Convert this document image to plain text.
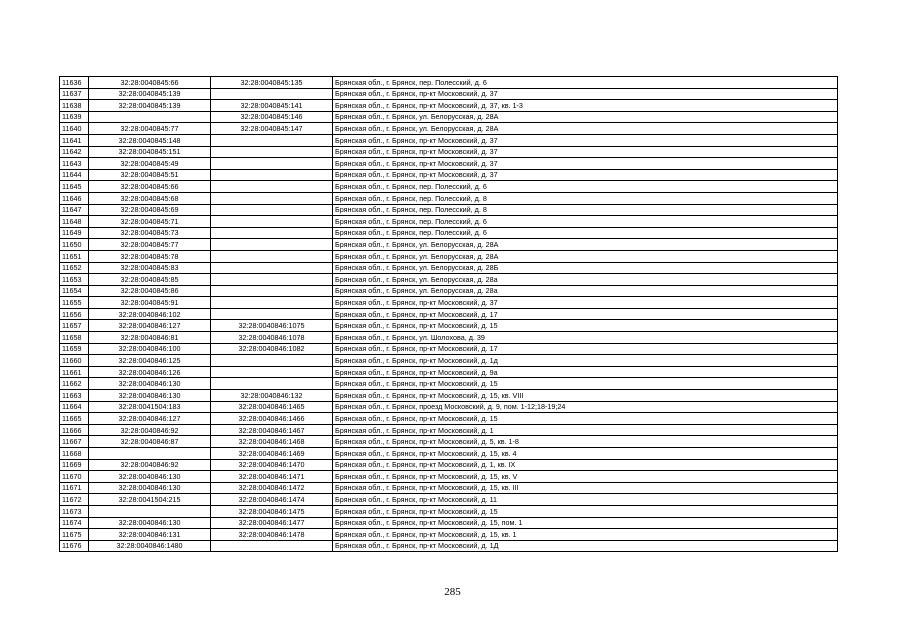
11636	32:28:0040845:66	32:28:0040845:135	Брянская обл., г. Брянск, пер. Полесский, д. 6
11637	32:28:0040845:139		Брянская обл., г. Брянск, пр-кт Московский, д. 37
11638	32:28:0040845:139	32:28:0040845:141	Брянская обл., г. Брянск, пр-кт Московский, д. 37, кв. 1-3
11639		32:28:0040845:146	Брянская обл., г. Брянск, ул. Белорусская, д. 28А
11640	32:28:0040845:77	32:28:0040845:147	Брянская обл., г. Брянск, ул. Белорусская, д. 28А
11641	32:28:0040845:148		Брянская обл., г. Брянск, пр-кт Московский, д. 37
11642	32:28:0040845:151		Брянская обл., г. Брянск, пр-кт Московский, д. 37
11643	32:28:0040845:49		Брянская обл., г. Брянск, пр-кт Московский, д. 37
11644	32:28:0040845:51		Брянская обл., г. Брянск, пр-кт Московский, д. 37
11645	32:28:0040845:66		Брянская обл., г. Брянск, пер. Полесский, д. 6
11646	32:28:0040845:68		Брянская обл., г. Брянск, пер. Полесский, д. 8
11647	32:28:0040845:69		Брянская обл., г. Брянск, пер. Полесский, д. 8
11648	32:28:0040845:71		Брянская обл., г. Брянск, пер. Полесский, д. 6
11649	32:28:0040845:73		Брянская обл., г. Брянск, пер. Полесский, д. 6
11650	32:28:0040845:77		Брянская обл., г. Брянск, ул. Белорусская, д. 28А
11651	32:28:0040845:78		Брянская обл., г. Брянск, ул. Белорусская, д. 28А
11652	32:28:0040845:83		Брянская обл., г. Брянск, ул. Белорусская, д. 28Б
11653	32:28:0040845:85		Брянская обл., г. Брянск, ул. Белорусская, д. 28а
11654	32:28:0040845:86		Брянская обл., г. Брянск, ул. Белорусская, д. 28а
11655	32:28:0040845:91		Брянская обл., г. Брянск, пр-кт Московский, д. 37
11656	32:28:0040846:102		Брянская обл., г. Брянск, пр-кт Московский, д. 17
11657	32:28:0040846:127	32:28:0040846:1075	Брянская обл., г. Брянск, пр-кт Московский, д. 15
11658	32:28:0040846:81	32:28:0040846:1078	Брянская обл., г. Брянск, ул. Шолохова, д. 39
11659	32:28:0040846:100	32:28:0040846:1082	Брянская обл., г. Брянск, пр-кт Московский, д. 17
11660	32:28:0040846:125		Брянская обл., г. Брянск, пр-кт Московский, д. 1д
11661	32:28:0040846:126		Брянская обл., г. Брянск, пр-кт Московский, д. 9а
11662	32:28:0040846:130		Брянская обл., г. Брянск, пр-кт Московский, д. 15
11663	32:28:0040846:130	32:28:0040846:132	Брянская обл., г. Брянск, пр-кт Московский, д. 15, кв. VIII
11664	32:28:0041504:183	32:28:0040846:1465	Брянская обл., г. Брянск, проезд Московский, д. 9, пом. 1-12;18-19;24
11665	32:28:0040846:127	32:28:0040846:1466	Брянская обл., г. Брянск, пр-кт Московский, д. 15
11666	32:28:0040846:92	32:28:0040846:1467	Брянская обл., г. Брянск, пр-кт Московский, д. 1
11667	32:28:0040846:87	32:28:0040846:1468	Брянская обл., г. Брянск, пр-кт Московский, д. 5, кв. 1-8
11668		32:28:0040846:1469	Брянская обл., г. Брянск, пр-кт Московский, д. 15, кв. 4
11669	32:28:0040846:92	32:28:0040846:1470	Брянская обл., г. Брянск, пр-кт Московский, д. 1, кв. IX
11670	32:28:0040846:130	32:28:0040846:1471	Брянская обл., г. Брянск, пр-кт Московский, д. 15, кв. V
11671	32:28:0040846:130	32:28:0040846:1472	Брянская обл., г. Брянск, пр-кт Московский, д. 15, кв. III
11672	32:28:0041504:215	32:28:0040846:1474	Брянская обл., г. Брянск, пр-кт Московский, д. 11
11673		32:28:0040846:1475	Брянская обл., г. Брянск, пр-кт Московский, д. 15
11674	32:28:0040846:130	32:28:0040846:1477	Брянская обл., г. Брянск, пр-кт Московский, д. 15, пом. 1
11675	32:28:0040846:131	32:28:0040846:1478	Брянская обл., г. Брянск, пр-кт Московский, д. 15, кв. 1
11676	32:28:0040846:1480		Брянская обл., г. Брянск, пр-кт Московский, д. 1Д
285
